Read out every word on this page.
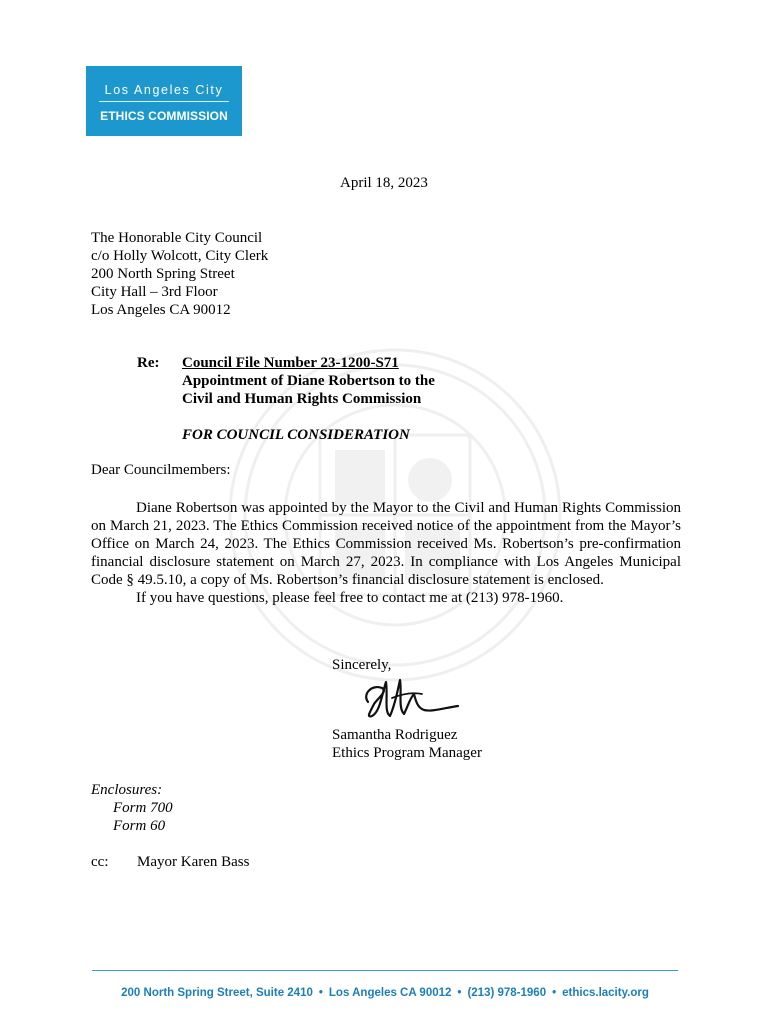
Los Angeles City
ETHICS COMMISSION
April 18, 2023
The Honorable City Council
c/o Holly Wolcott, City Clerk
200 North Spring Street
City Hall – 3rd Floor
Los Angeles CA 90012
Re: Council File Number 23-1200-S71
Appointment of Diane Robertson to the
Civil and Human Rights Commission
FOR COUNCIL CONSIDERATION
Dear Councilmembers:

Diane Robertson was appointed by the Mayor to the Civil and Human Rights Commission on March 21, 2023. The Ethics Commission received notice of the appointment from the Mayor’s Office on March 24, 2023. The Ethics Commission received Ms. Robertson’s pre-confirmation financial disclosure statement on March 27, 2023. In compliance with Los Angeles Municipal Code § 49.5.10, a copy of Ms. Robertson’s financial disclosure statement is enclosed.

If you have questions, please feel free to contact me at (213) 978-1960.

Sincerely,
Samantha Rodriguez
Ethics Program Manager
Enclosures:
Form 700
Form 60
cc: Mayor Karen Bass
200 North Spring Street, Suite 2410 • Los Angeles CA 90012 • (213) 978-1960 • ethics.lacity.org
